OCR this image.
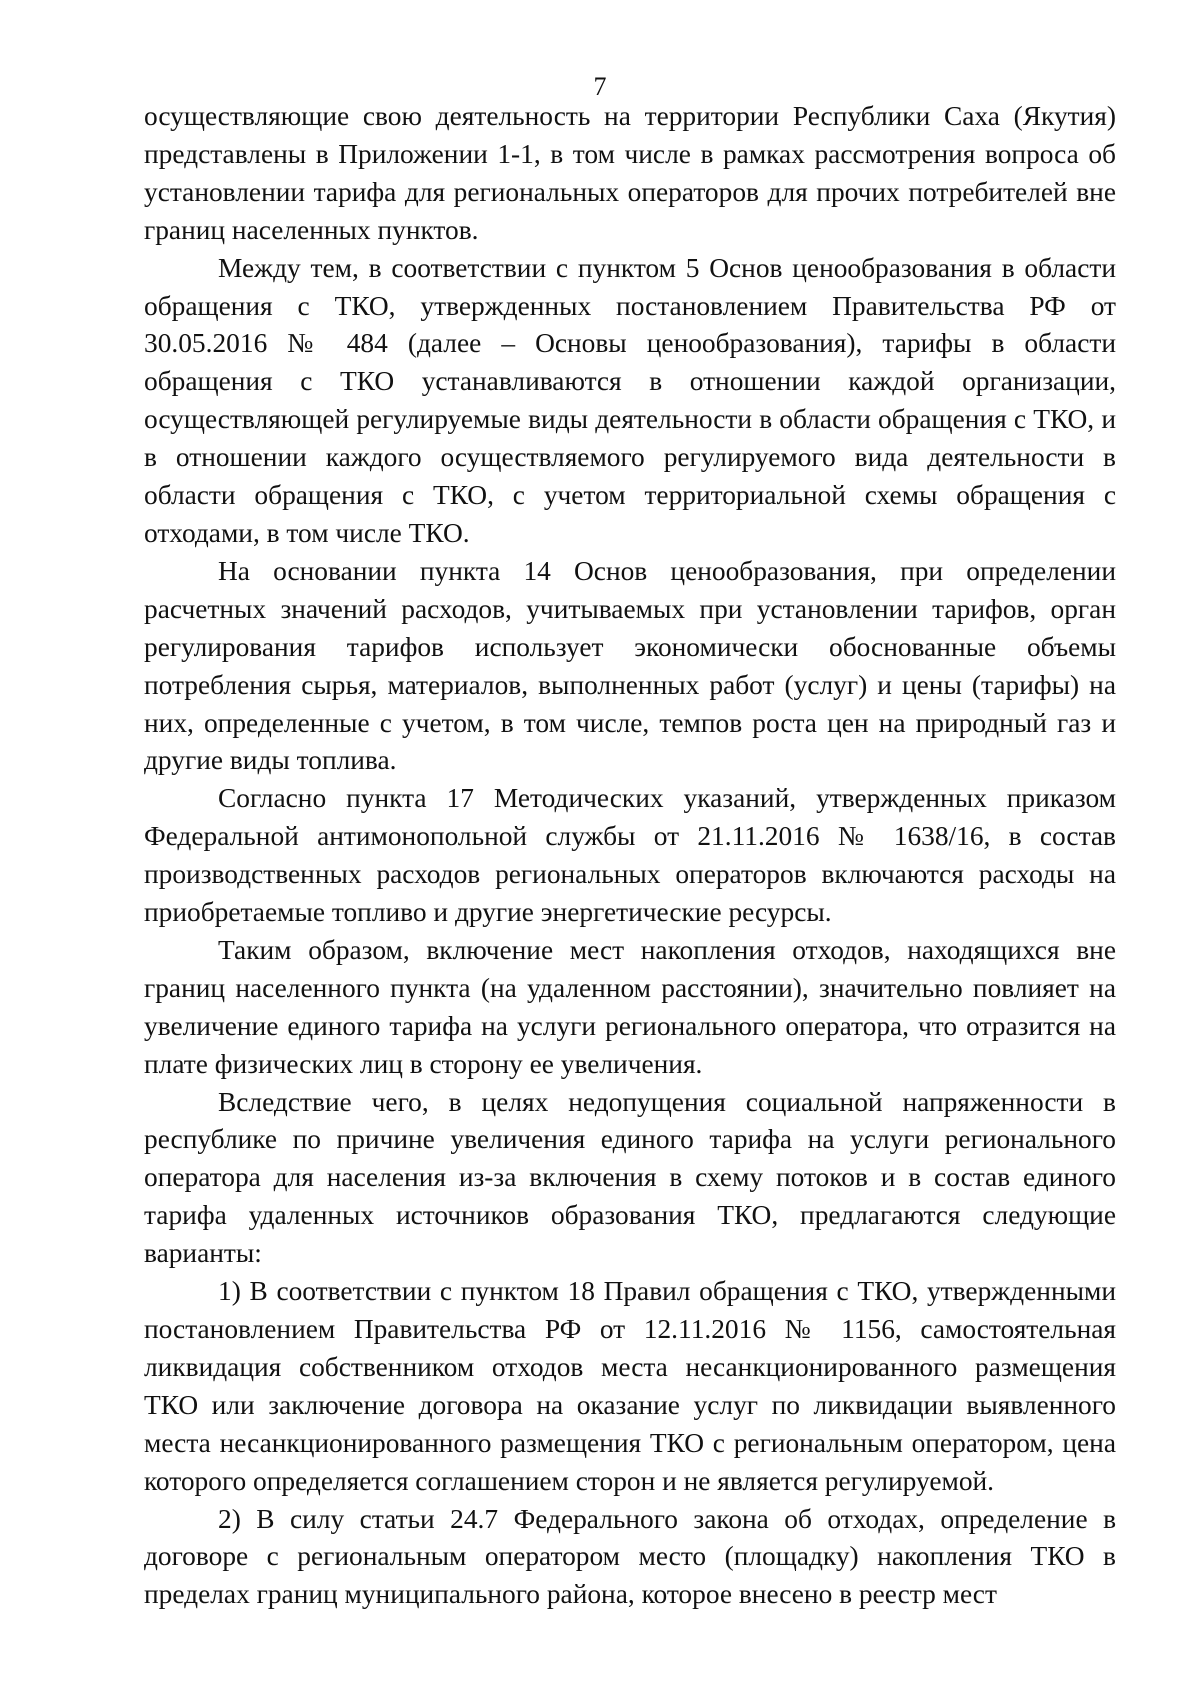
7

осуществляющие свою деятельность на территории Республики Саха (Якутия) представлены в Приложении 1-1, в том числе в рамках рассмотрения вопроса об установлении тарифа для региональных операторов для прочих потребителей вне границ населенных пунктов.

Между тем, в соответствии с пунктом 5 Основ ценообразования в области обращения с ТКО, утвержденных постановлением Правительства РФ от 30.05.2016 № 484 (далее – Основы ценообразования), тарифы в области обращения с ТКО устанавливаются в отношении каждой организации, осуществляющей регулируемые виды деятельности в области обращения с ТКО, и в отношении каждого осуществляемого регулируемого вида деятельности в области обращения с ТКО, с учетом территориальной схемы обращения с отходами, в том числе ТКО.

На основании пункта 14 Основ ценообразования, при определении расчетных значений расходов, учитываемых при установлении тарифов, орган регулирования тарифов использует экономически обоснованные объемы потребления сырья, материалов, выполненных работ (услуг) и цены (тарифы) на них, определенные с учетом, в том числе, темпов роста цен на природный газ и другие виды топлива.

Согласно пункта 17 Методических указаний, утвержденных приказом Федеральной антимонопольной службы от 21.11.2016 № 1638/16, в состав производственных расходов региональных операторов включаются расходы на приобретаемые топливо и другие энергетические ресурсы.

Таким образом, включение мест накопления отходов, находящихся вне границ населенного пункта (на удаленном расстоянии), значительно повлияет на увеличение единого тарифа на услуги регионального оператора, что отразится на плате физических лиц в сторону ее увеличения.

Вследствие чего, в целях недопущения социальной напряженности в республике по причине увеличения единого тарифа на услуги регионального оператора для населения из-за включения в схему потоков и в состав единого тарифа удаленных источников образования ТКО, предлагаются следующие варианты:

1) В соответствии с пунктом 18 Правил обращения с ТКО, утвержденными постановлением Правительства РФ от 12.11.2016 № 1156, самостоятельная ликвидация собственником отходов места несанкционированного размещения ТКО или заключение договора на оказание услуг по ликвидации выявленного места несанкционированного размещения ТКО с региональным оператором, цена которого определяется соглашением сторон и не является регулируемой.

2) В силу статьи 24.7 Федерального закона об отходах, определение в договоре с региональным оператором место (площадку) накопления ТКО в пределах границ муниципального района, которое внесено в реестр мест
